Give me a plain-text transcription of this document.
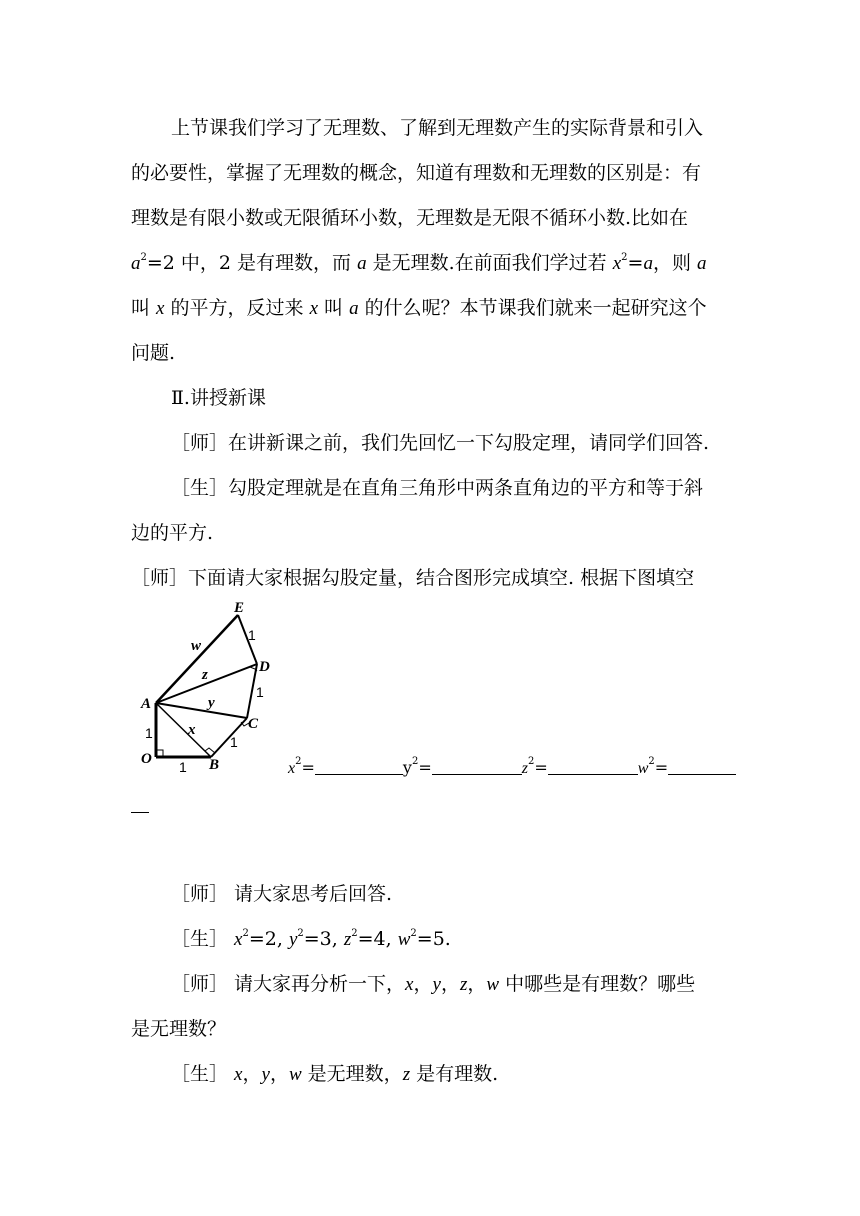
上节课我们学习了无理数、了解到无理数产生的实际背景和引入
的必要性，掌握了无理数的概念，知道有理数和无理数的区别是：有
理数是有限小数或无限循环小数，无理数是无限不循环小数.比如在
$a^2=2$ 中，2 是有理数，而 a 是无理数.在前面我们学过若 $x^2=a$，则 a
叫 x 的平方，反过来 x 叫 a 的什么呢？本节课我们就来一起研究这个
问题.
Ⅱ.讲授新课
［师］在讲新课之前，我们先回忆一下勾股定理，请同学们回答.
［生］勾股定理就是在直角三角形中两条直角边的平方和等于斜
边的平方.
［师］下面请大家根据勾股定量，结合图形完成填空. 根据下图填空
E
D
C
A
O	B
w
z
y
x
1
1
1
1
1	$x^2=$	$y^2=$	$z^2=$	$w^2=$
［师］ 请大家思考后回答.
［生］ $x^2=2$, $y^2=3$, $z^2=4$, $w^2=5$.
［师］ 请大家再分析一下，x，y，z，w 中哪些是有理数？哪些
是无理数？
［生］ x，y，w 是无理数，z 是有理数.
